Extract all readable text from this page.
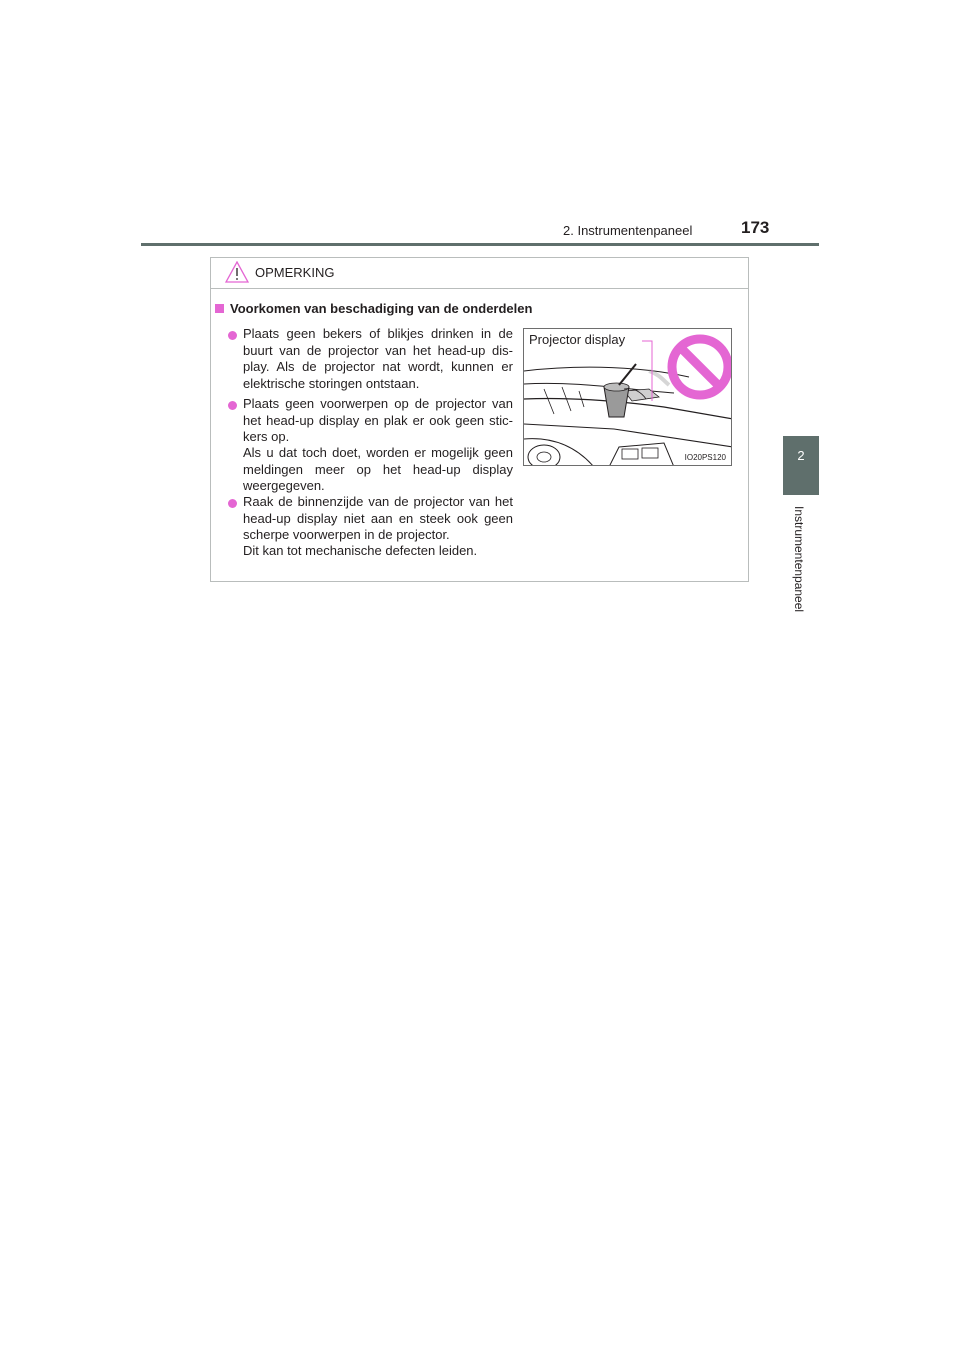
2. Instrumentenpaneel	173
2
Instrumentenpaneel
OPMERKING
Voorkomen van beschadiging van de onderdelen
Plaats geen bekers of blikjes drinken in de buurt van de projector van het head-up dis-play. Als de projector nat wordt, kunnen er elektrische storingen ontstaan.
Plaats geen voorwerpen op de projector van het head-up display en plak er ook geen stic-kers op.
Als u dat toch doet, worden er mogelijk geen meldingen meer op het head-up display weergegeven.
Raak de binnenzijde van de projector van het head-up display niet aan en steek ook geen scherpe voorwerpen in de projector.
Dit kan tot mechanische defecten leiden.
Projector display
IO20PS120
